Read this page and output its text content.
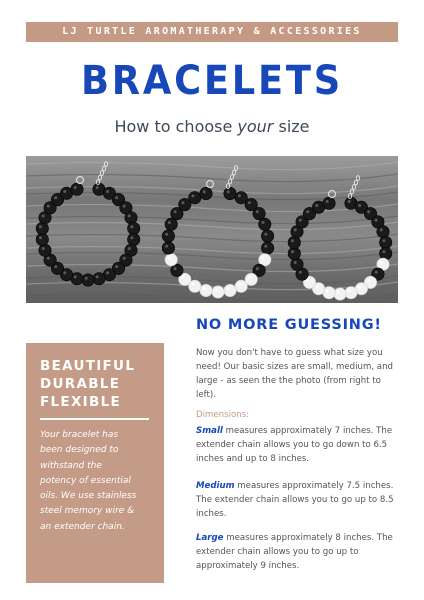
LJ TURTLE AROMATHERAPY & ACCESSORIES
BRACELETS
How to choose your size
BEAUTIFUL
DURABLE
FLEXIBLE
Your bracelet has
been designed to
withstand the
potency of essential
oils. We use stainless
steel memory wire &
an extender chain.
NO MORE GUESSING!
Now you don't have to guess what size you
need! Our basic sizes are small, medium, and
large - as seen the the photo (from right to
left).
Dimensions:
Small measures approximately 7 inches. The
extender chain allows you to go down to 6.5
inches and up to 8 inches.
Medium measures approximately 7.5 inches.
The extender chain allows you to go up to 8.5
inches.
Large measures approximately 8 inches. The
extender chain allows you to go up to
approximately 9 inches.
